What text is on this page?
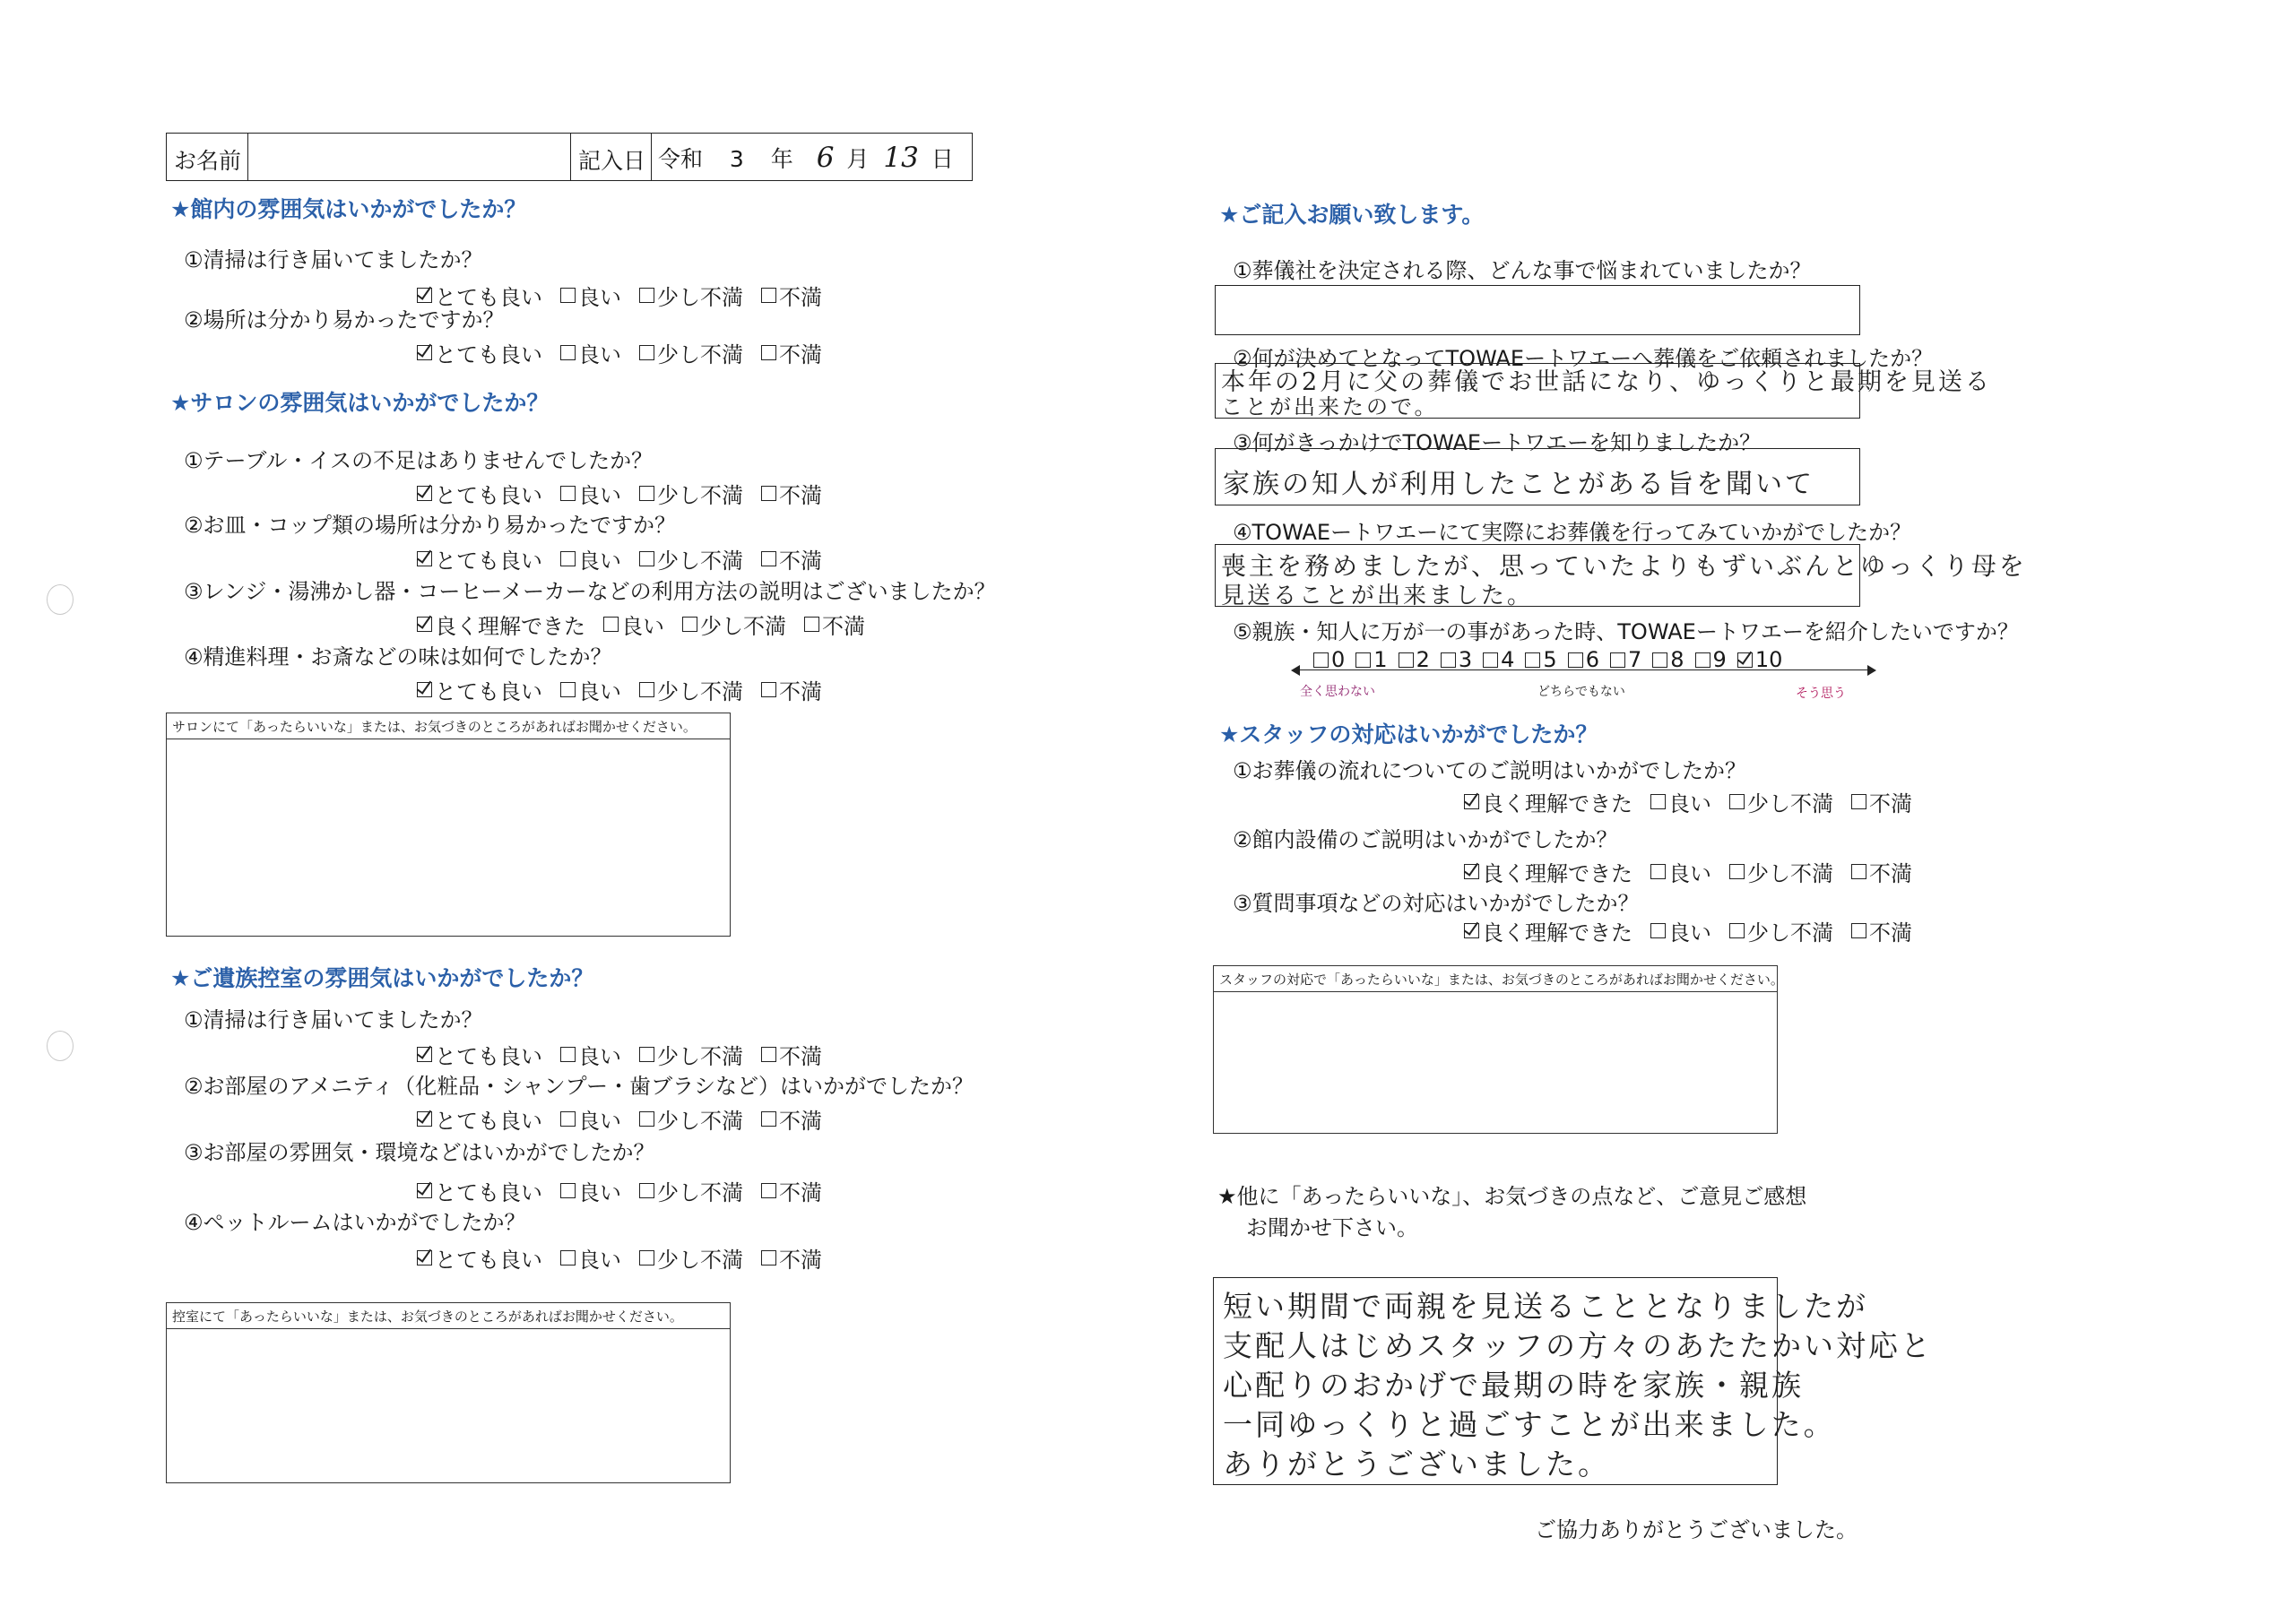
お名前	記入日 令和 3 年 6 月 13 日
★館内の雰囲気はいかがでしたか？
①清掃は行き届いてましたか？
とても良い 良い 少し不満 不満
②場所は分かり易かったですか？
とても良い 良い 少し不満 不満
★サロンの雰囲気はいかがでしたか？
①テーブル・イスの不足はありませんでしたか？
とても良い 良い 少し不満 不満
②お皿・コップ類の場所は分かり易かったですか？
とても良い 良い 少し不満 不満
③レンジ・湯沸かし器・コーヒーメーカーなどの利用方法の説明はございましたか？
良く理解できた 良い 少し不満 不満
④精進料理・お斎などの味は如何でしたか？
とても良い 良い 少し不満 不満
サロンにて「あったらいいな」または、お気づきのところがあればお聞かせください。
★ご遺族控室の雰囲気はいかがでしたか？
①清掃は行き届いてましたか？
とても良い 良い 少し不満 不満
②お部屋のアメニティ（化粧品・シャンプー・歯ブラシなど）はいかがでしたか？
とても良い 良い 少し不満 不満
③お部屋の雰囲気・環境などはいかがでしたか？
とても良い 良い 少し不満 不満
④ペットルームはいかがでしたか？
とても良い 良い 少し不満 不満
控室にて「あったらいいな」または、お気づきのところがあればお聞かせください。
★ご記入お願い致します。
①葬儀社を決定される際、どんな事で悩まれていましたか？
②何が決めてとなってTOWAEートワエーへ葬儀をご依頼されましたか？
本年の2月に父の葬儀でお世話になり、ゆっくりと最期を見送る
ことが出来たので。
③何がきっかけでTOWAEートワエーを知りましたか？
家族の知人が利用したことがある旨を聞いて
④TOWAEートワエーにて実際にお葬儀を行ってみていかがでしたか？
喪主を務めましたが、思っていたよりもずいぶんとゆっくり母を
見送ることが出来ました。
⑤親族・知人に万が一の事があった時、TOWAEートワエーを紹介したいですか？
0 1 2 3 4 5 6 7 8 9 10
全く思わない	どちらでもない	そう思う
★スタッフの対応はいかがでしたか？
①お葬儀の流れについてのご説明はいかがでしたか？
良く理解できた 良い 少し不満 不満
②館内設備のご説明はいかがでしたか？
良く理解できた 良い 少し不満 不満
③質問事項などの対応はいかがでしたか？
良く理解できた 良い 少し不満 不満
スタッフの対応で「あったらいいな」または、お気づきのところがあればお聞かせください。
★他に「あったらいいな」、お気づきの点など、ご意見ご感想
お聞かせ下さい。
短い期間で両親を見送ることとなりましたが
支配人はじめスタッフの方々のあたたかい対応と
心配りのおかげで最期の時を家族・親族
一同ゆっくりと過ごすことが出来ました。
ありがとうございました。
ご協力ありがとうございました。
